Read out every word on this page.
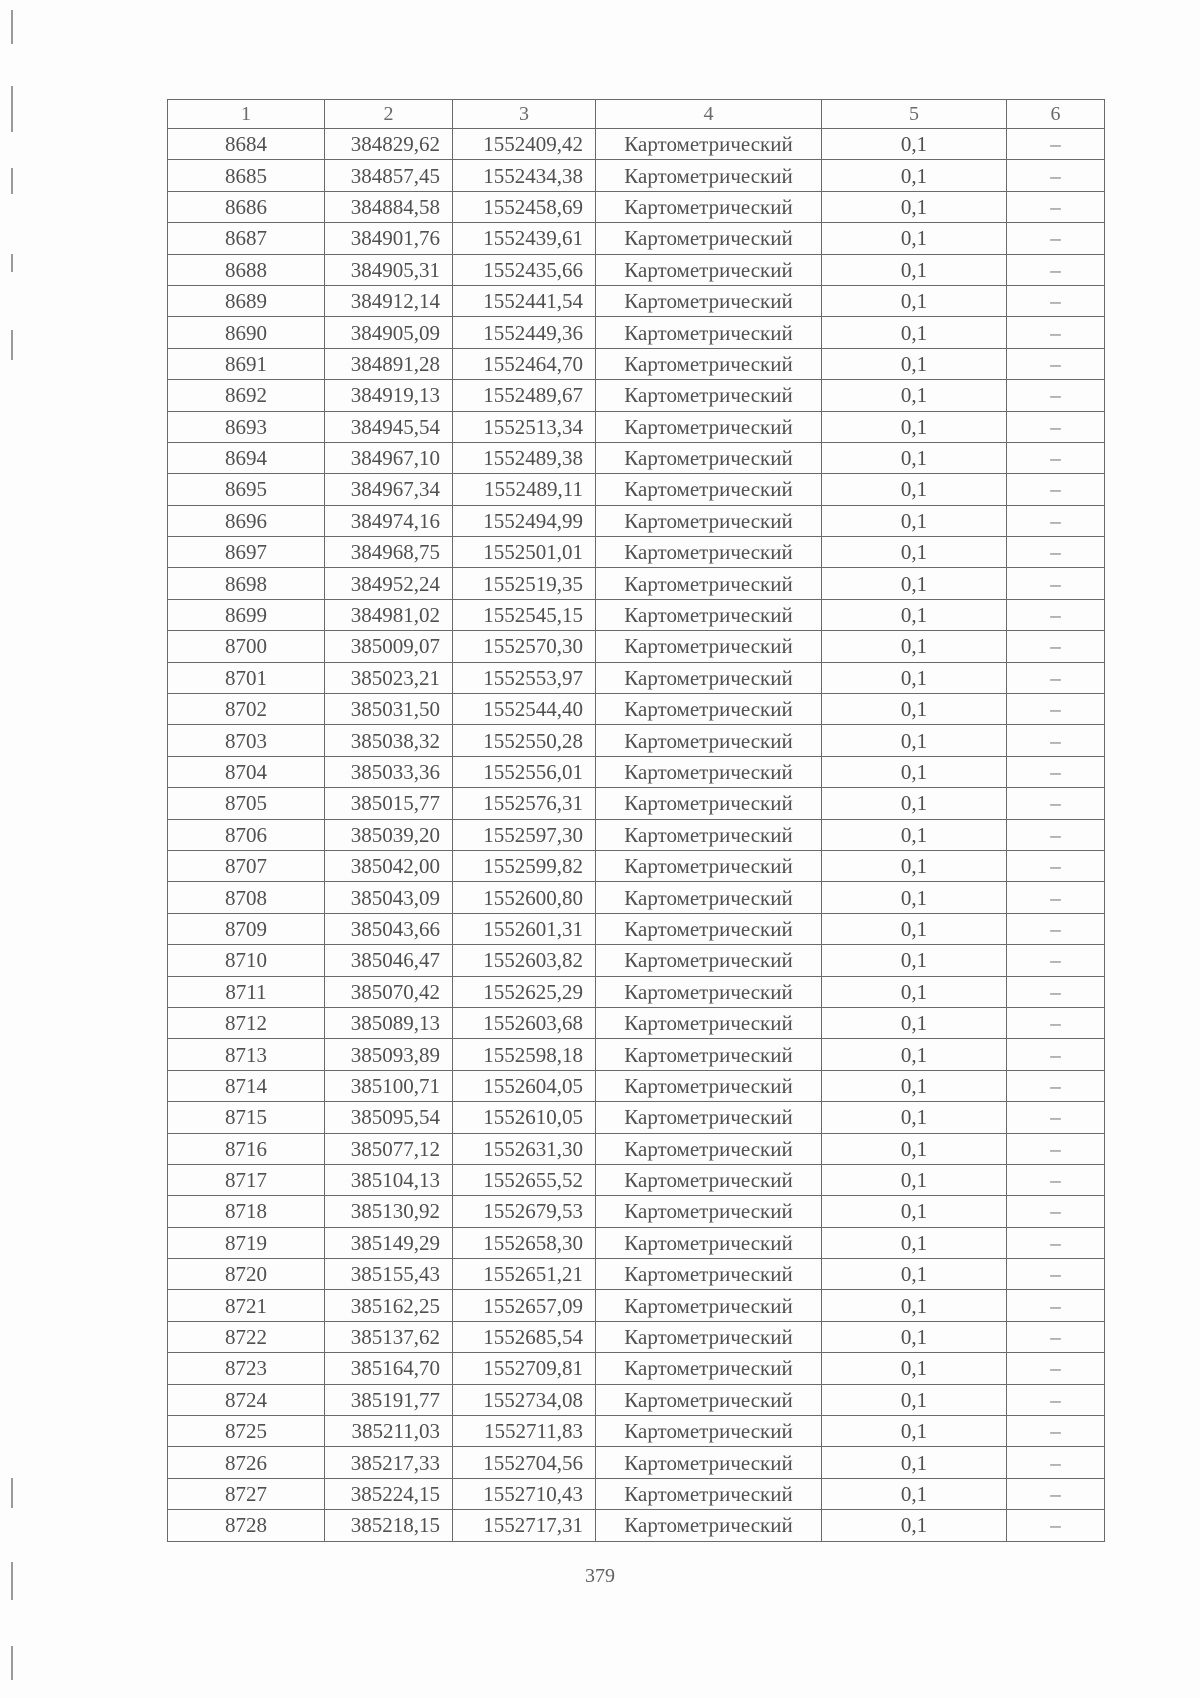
1	2	3	4	5	6
8684	384829,62	1552409,42	Картометрический	0,1	–
8685	384857,45	1552434,38	Картометрический	0,1	–
8686	384884,58	1552458,69	Картометрический	0,1	–
8687	384901,76	1552439,61	Картометрический	0,1	–
8688	384905,31	1552435,66	Картометрический	0,1	–
8689	384912,14	1552441,54	Картометрический	0,1	–
8690	384905,09	1552449,36	Картометрический	0,1	–
8691	384891,28	1552464,70	Картометрический	0,1	–
8692	384919,13	1552489,67	Картометрический	0,1	–
8693	384945,54	1552513,34	Картометрический	0,1	–
8694	384967,10	1552489,38	Картометрический	0,1	–
8695	384967,34	1552489,11	Картометрический	0,1	–
8696	384974,16	1552494,99	Картометрический	0,1	–
8697	384968,75	1552501,01	Картометрический	0,1	–
8698	384952,24	1552519,35	Картометрический	0,1	–
8699	384981,02	1552545,15	Картометрический	0,1	–
8700	385009,07	1552570,30	Картометрический	0,1	–
8701	385023,21	1552553,97	Картометрический	0,1	–
8702	385031,50	1552544,40	Картометрический	0,1	–
8703	385038,32	1552550,28	Картометрический	0,1	–
8704	385033,36	1552556,01	Картометрический	0,1	–
8705	385015,77	1552576,31	Картометрический	0,1	–
8706	385039,20	1552597,30	Картометрический	0,1	–
8707	385042,00	1552599,82	Картометрический	0,1	–
8708	385043,09	1552600,80	Картометрический	0,1	–
8709	385043,66	1552601,31	Картометрический	0,1	–
8710	385046,47	1552603,82	Картометрический	0,1	–
8711	385070,42	1552625,29	Картометрический	0,1	–
8712	385089,13	1552603,68	Картометрический	0,1	–
8713	385093,89	1552598,18	Картометрический	0,1	–
8714	385100,71	1552604,05	Картометрический	0,1	–
8715	385095,54	1552610,05	Картометрический	0,1	–
8716	385077,12	1552631,30	Картометрический	0,1	–
8717	385104,13	1552655,52	Картометрический	0,1	–
8718	385130,92	1552679,53	Картометрический	0,1	–
8719	385149,29	1552658,30	Картометрический	0,1	–
8720	385155,43	1552651,21	Картометрический	0,1	–
8721	385162,25	1552657,09	Картометрический	0,1	–
8722	385137,62	1552685,54	Картометрический	0,1	–
8723	385164,70	1552709,81	Картометрический	0,1	–
8724	385191,77	1552734,08	Картометрический	0,1	–
8725	385211,03	1552711,83	Картометрический	0,1	–
8726	385217,33	1552704,56	Картометрический	0,1	–
8727	385224,15	1552710,43	Картометрический	0,1	–
8728	385218,15	1552717,31	Картометрический	0,1	–
379
